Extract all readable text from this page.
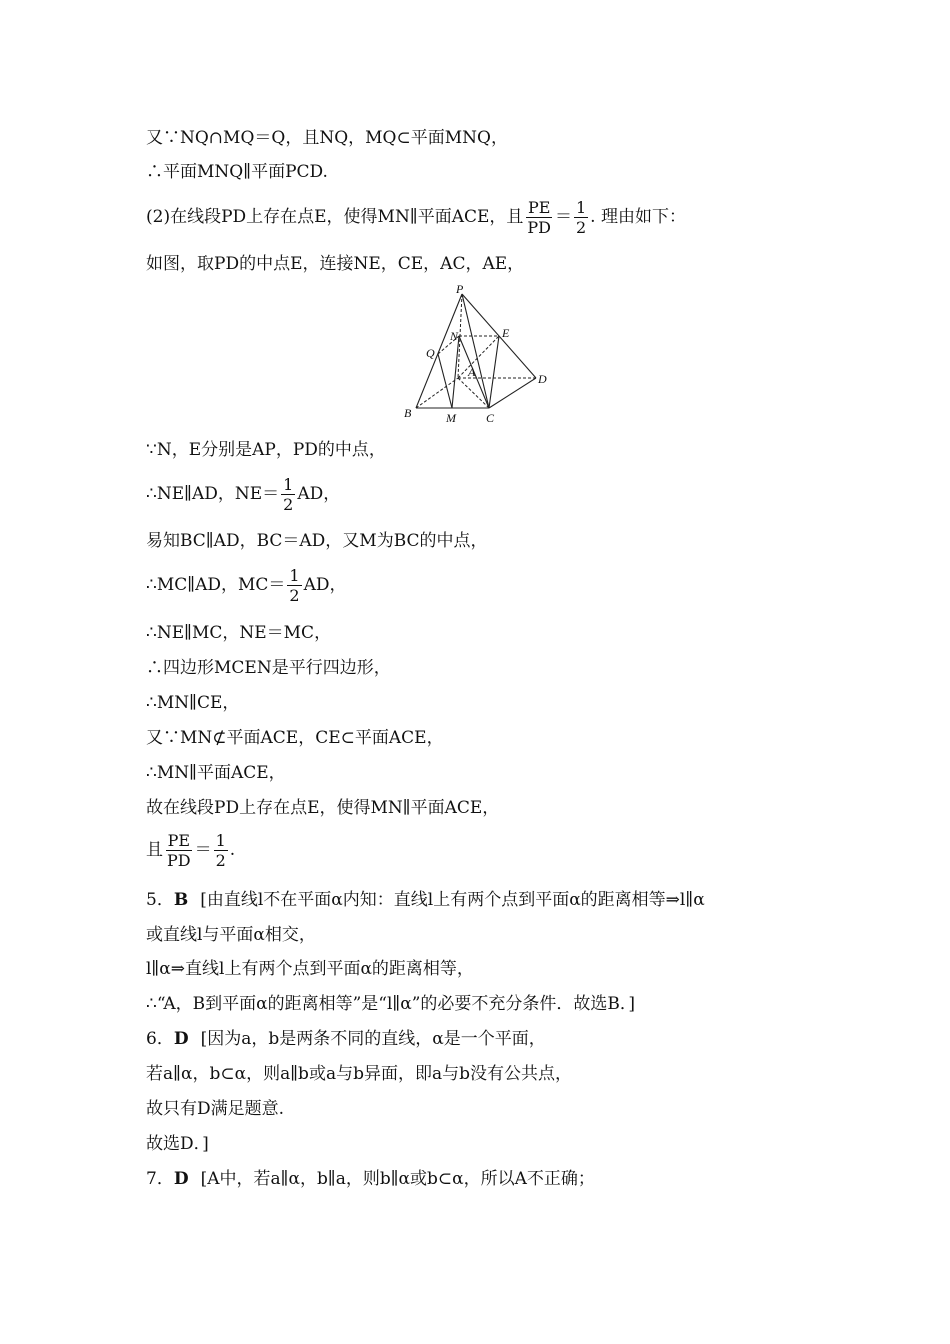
又∵NQ∩MQ＝Q，且NQ，MQ⊂平面MNQ，
∴平面MNQ∥平面PCD.
(2)在线段PD上存在点E，使得MN∥平面ACE，且 $\frac{PE}{PD} = \frac{1}{2}$ . 理由如下：
如图，取PD的中点E，连接NE，CE，AC，AE，
P
N	E
Q
A	D
B	M	C
∵N，E分别是AP，PD的中点，
∴NE∥AD，$NE= \frac{1}{2}$ AD，
易知BC∥AD，BC＝AD，又M为BC的中点，
∴MC∥AD，$MC= \frac{1}{2}$ AD，
∴NE∥MC，NE＝MC，
∴四边形MCEN是平行四边形，
∴MN∥CE，
又∵MN⊄平面ACE，CE⊂平面ACE，
∴MN∥平面ACE，
故在线段PD上存在点E，使得MN∥平面ACE，
且 $\frac{PE}{PD} = \frac{1}{2}$ .
5．B [由直线l不在平面α内知：直线l上有两个点到平面α的距离相等⇒l∥α
或直线l与平面α相交，
l∥α⇒直线l上有两个点到平面α的距离相等，
∴“A，B到平面α的距离相等”是“l∥α”的必要不充分条件．故选B．]
6．D [因为a，b是两条不同的直线，α是一个平面，
若a∥α，b⊂α，则a∥b或a与b异面，即a与b没有公共点，
故只有D满足题意.
故选D．]
7．D [A中，若a∥α，b∥a，则b∥α或b⊂α，所以A不正确；
